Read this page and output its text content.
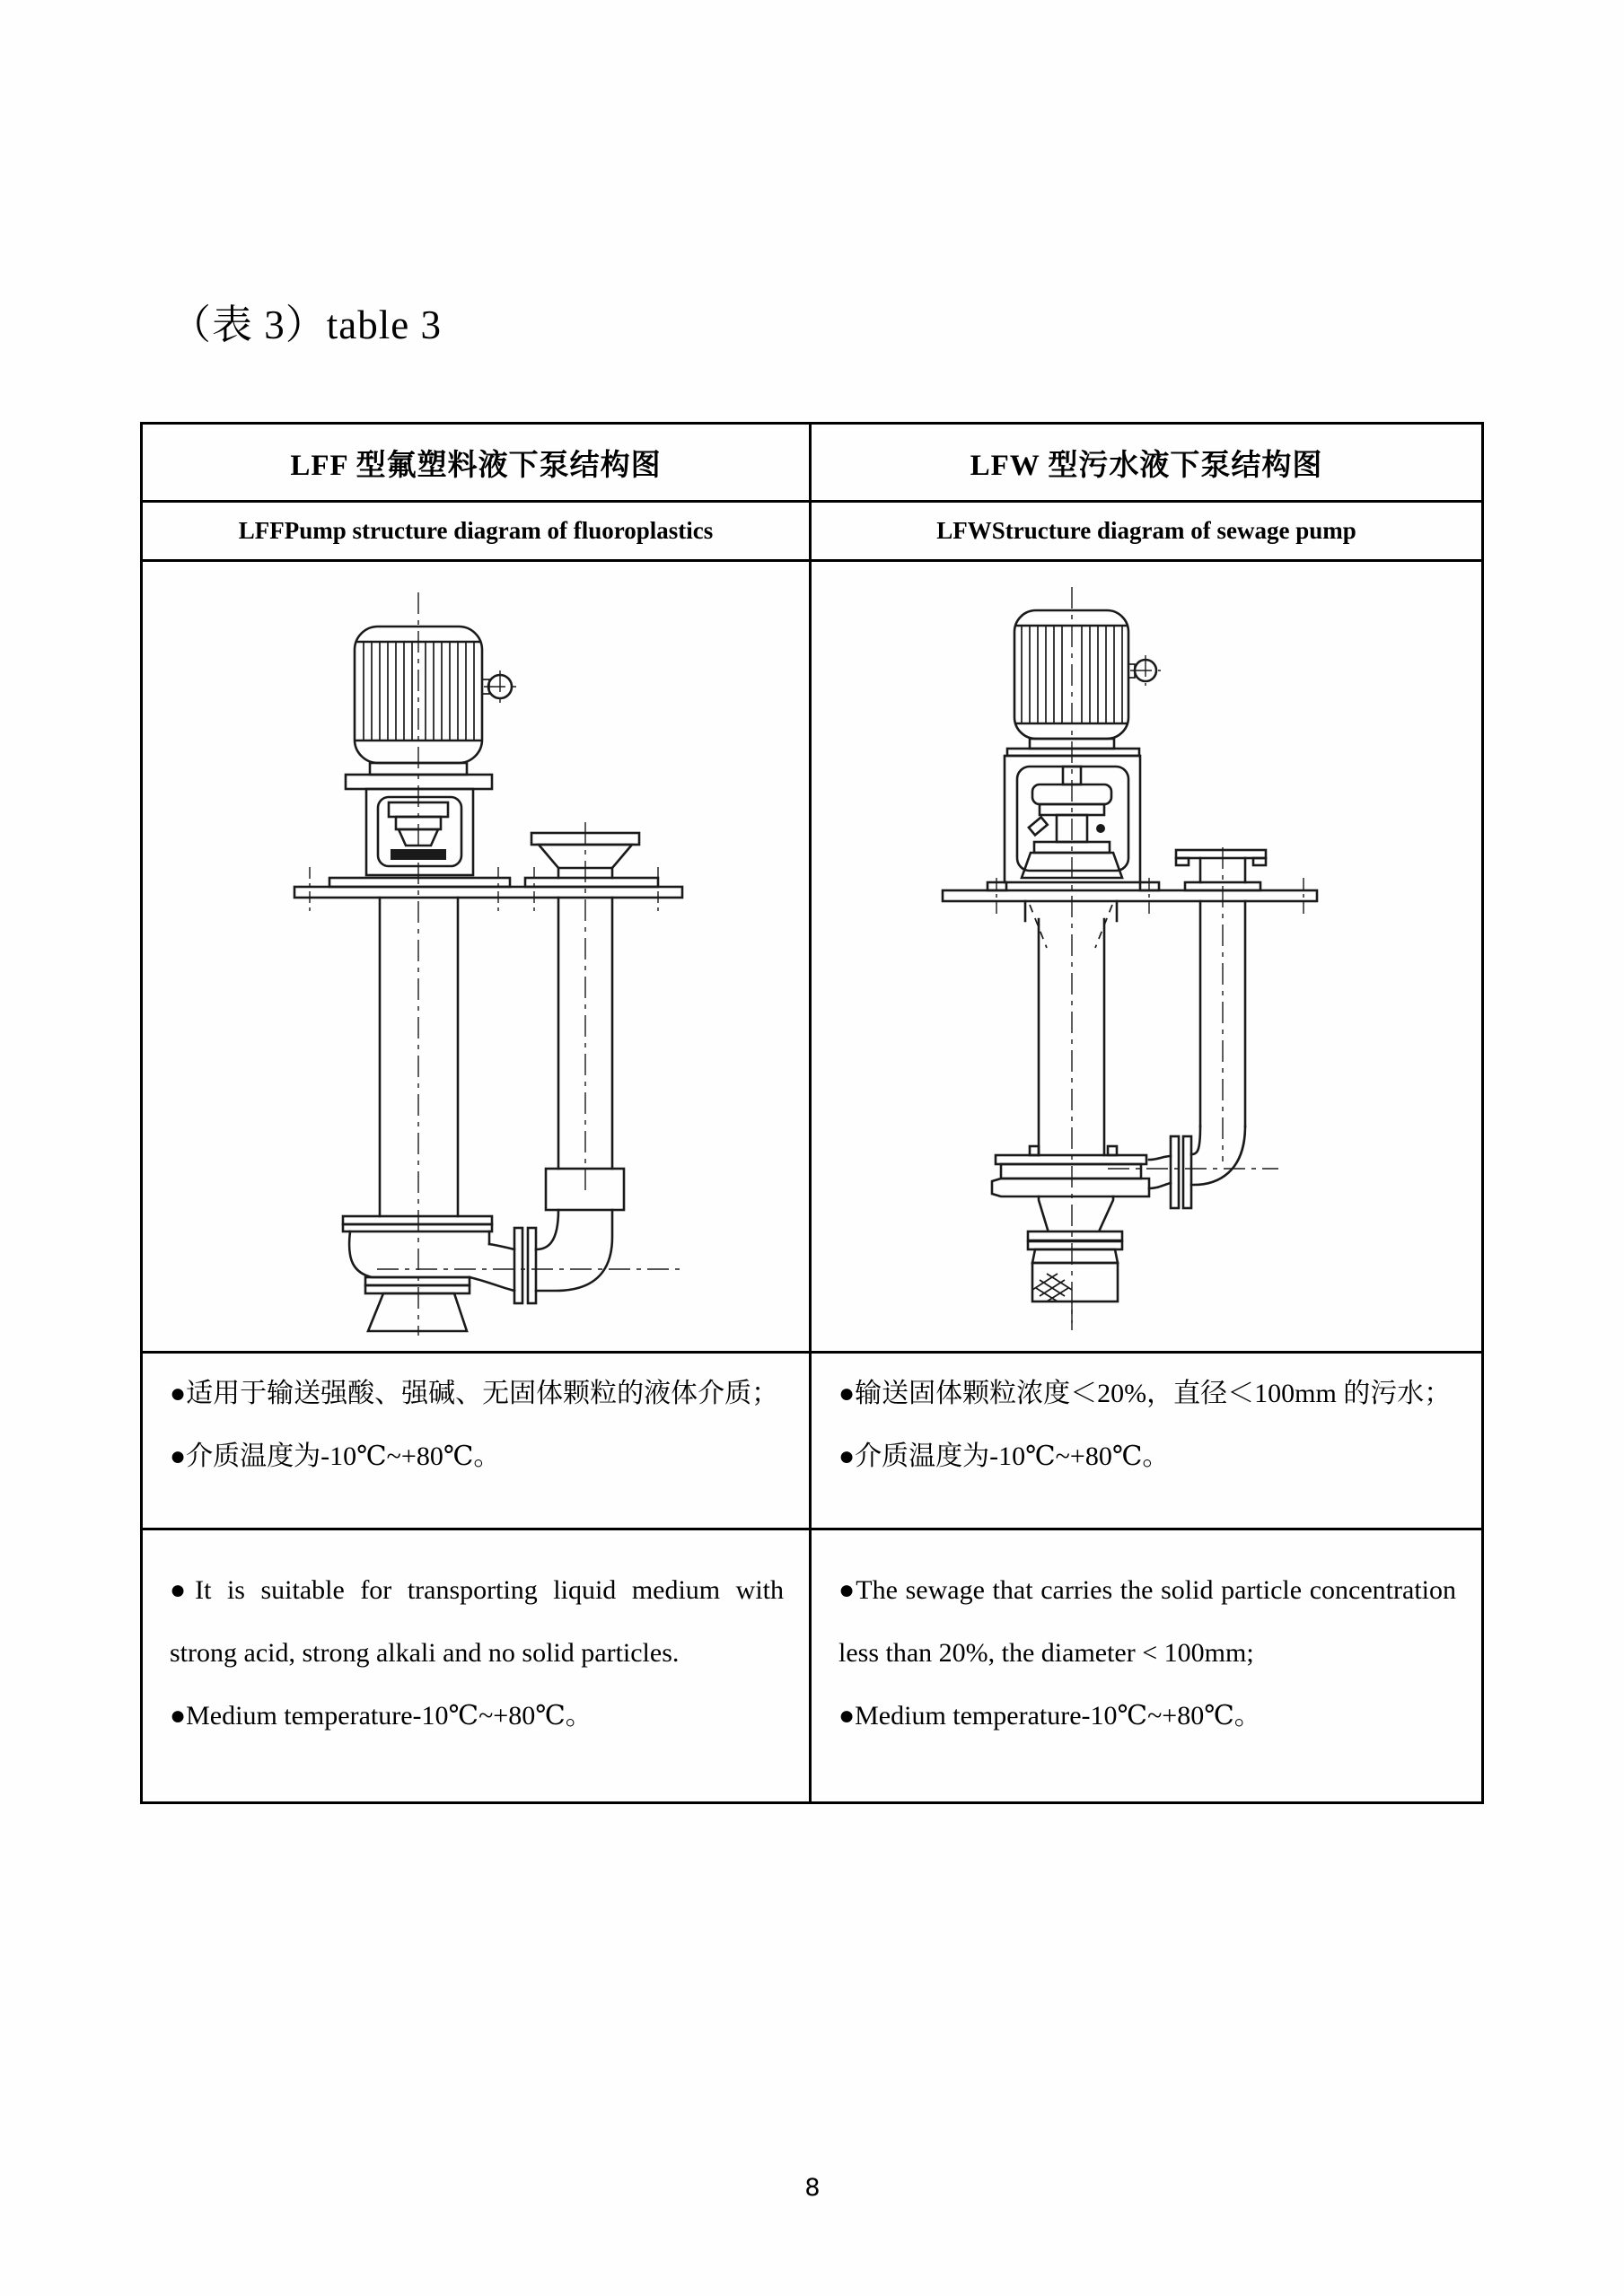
（表 3）table 3
LFF 型氟塑料液下泵结构图	LFW 型污水液下泵结构图
LFFPump structure diagram of fluoroplastics	LFWStructure diagram of sewage pump
●适用于输送强酸、强碱、无固体颗粒的液体介质；
●介质温度为-10℃~+80℃。
●输送固体颗粒浓度＜20%，直径＜100mm 的污水；
●介质温度为-10℃~+80℃。

●It is suitable for transporting liquid medium with strong acid, strong alkali and no solid particles.

●Medium temperature-10℃~+80℃。

●The sewage that carries the solid particle concentration less than 20%, the diameter < 100mm;

●Medium temperature-10℃~+80℃。

8
